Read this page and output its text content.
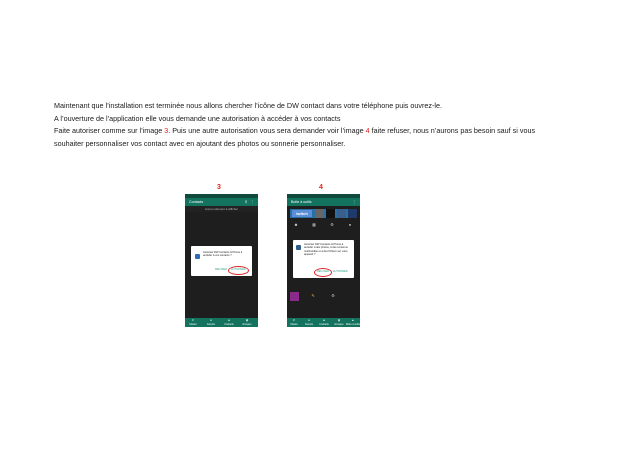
Maintenant que l’installation est terminée nous allons chercher l’icône de DW contact dans votre téléphone puis ouvrez-le.

A l’ouverture de l’application elle vous demande une autorisation à accéder à vos contacts

Faite autoriser comme sur l’image 3. Puis une autre autorisation vous sera demander voir l’image 4 faite refuser, nous n’aurons pas besoin sauf si vous

souhaiter personnaliser vos contact avec en ajoutant des photos ou sonnerie personnaliser.

3
Contacts	⚲ ⋮
Aucun élément à afficher
Autoriser DW Contacts & Phone à accéder à vos contacts ?
REFUSER AUTORISER
✆
Clavier
★
Favoris
☻
Contacts
▦
Groupes
4
Boite à outils	⋮
twitch
☻	▦	⚙	●
Autoriser DW Contacts & Phone à accéder à des photos, à des contenus multimédias et à des fichiers sur votre appareil ?
REFUSER AUTORISER
✎	⚙
✆
Clavier
★
Favoris
☻
Contacts
▦
Groupes
■
Boîte à outils
